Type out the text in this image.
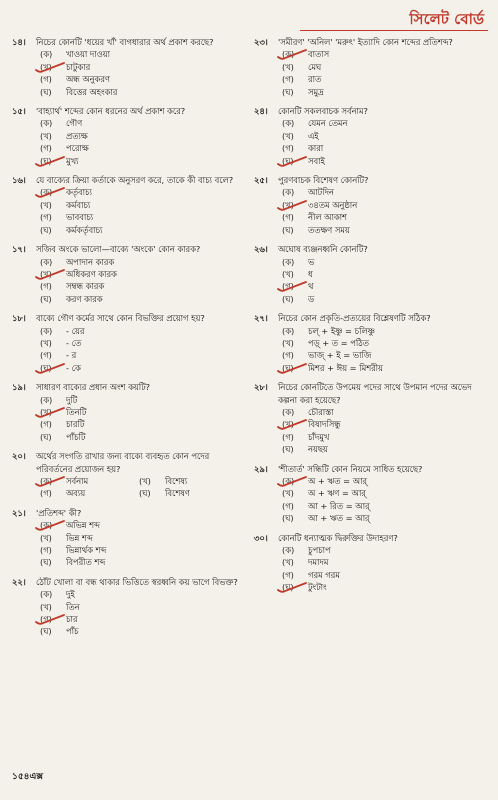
সিলেট বোর্ড
১৪।	নিচের কোনটি 'ধয়ের খাঁ' বাগধারার অর্থ প্রকাশ করছে?
(ক)	খাওয়া দাওয়া
(খ)	চাটুকার
(গ)	অন্ধ অনুকরণ
(ঘ)	বিত্তের অহংকার
১৫।	'বাহ্যার্থ' শব্দের কোন ধরনের অর্থ প্রকাশ করে?
(ক)	গৌণ
(খ)	প্রত্যক্ষ
(গ)	পরোক্ষ
(ঘ)	মুখ্য
১৬।	যে বাক্যের ক্রিয়া কর্তাকে অনুসরণ করে, তাকে কী বাচ্য বলে?
(ক)	কর্তৃবাচ্য
(খ)	কর্মবাচ্য
(গ)	ভাববাচ্য
(ঘ)	কর্মকর্তৃবাচ্য
১৭।	সজিব অংকে ভালো—বাক্যে 'অংকে' কোন কারক?
(ক)	অপাদান কারক
(খ)	অধিকরণ কারক
(গ)	সম্বন্ধ কারক
(ঘ)	করণ কারক
১৮।	বাক্যে গৌণ কর্মের সাথে কোন বিভক্তির প্রয়োগ হয়?
(ক)	- য়ের
(খ)	- তে
(গ)	- র
(ঘ)	- কে
১৯।	সাধারণ বাক্যের প্রধান অংশ কয়টি?
(ক)	দুটি
(খ)	তিনটি
(গ)	চারটি
(ঘ)	পাঁচটি
২০।	অর্থের সংগতি রাখার জন্য বাক্যে ব্যবহৃত কোন পদের পরিবর্তনের প্রয়োজন হয়?
(ক)	সর্বনাম	(খ)	বিশেষ্য
(গ)	অব্যয়	(ঘ)	বিশেষণ
২১।	'প্রতিশব্দ' কী?
(ক)	অভিন্ন শব্দ
(খ)	ভিন্ন শব্দ
(গ)	ভিন্নার্থক শব্দ
(ঘ)	বিপরীত শব্দ
২২।	ঠোঁট খোলা বা বন্ধ থাকার ভিত্তিতে স্বরধ্বনি কয় ভাগে বিভক্ত?
(ক)	দুই
(খ)	তিন
(গ)	চার
(ঘ)	পাঁচ
২৩।	'সমীরণ' 'অনিল' 'মরুৎ' ইত্যাদি কোন শব্দের প্রতিশব্দ?
(ক)	বাতাস
(খ)	মেঘ
(গ)	রাত
(ঘ)	সমুদ্র
২৪।	কোনটি সকলবাচক সর্বনাম?
(ক)	যেমন তেমন
(খ)	এই
(গ)	কারা
(ঘ)	সবাই
২৫।	পুরণবাচক বিশেষণ কোনটি?
(ক)	আটদিন
(খ)	৩৪তম অনুষ্ঠান
(গ)	নীল আকাশ
(ঘ)	ততক্ষণ সময়
২৬।	অঘোষ ব্যঞ্জনধ্বনি কোনটি?
(ক)	ভ
(খ)	ধ
(গ)	থ
(ঘ)	ড
২৭।	নিচের কোন প্রকৃতি-প্রত্যয়ের বিশ্লেষণটি সঠিক?
(ক)	চল্ + ইষ্ণু = চলিষ্ণু
(খ)	পড়্ + ত = পঠিত
(গ)	ভাজ্ + ই = ভাজি
(ঘ)	মিশর + ঈয় = মিশরীয়
২৮।	নিচের কোনটিতে উপমেয় পদের সাথে উপমান পদের অভেদ কল্পনা করা হয়েছে?
(ক)	চৌরাস্তা
(খ)	বিষাদসিন্ধু
(গ)	চাঁদমুখ
(ঘ)	নয়ছয়
২৯।	'শীতার্ত' সন্ধিটি কোন নিয়মে সাধিত হয়েছে?
(ক)	অ + ঋত = আর্
(খ)	অ + ঋণ = আর্
(গ)	আ + রিত = আর্
(ঘ)	আ + ঋত = আর্
৩০।	কোনটি ধন্যাত্মক দ্বিরুক্তির উদাহরণ?
(ক)	চুপচাপ
(খ)	দমাদম
(গ)	গরম গরম
(ঘ)	টুংটাং
১৫৪এক্স
